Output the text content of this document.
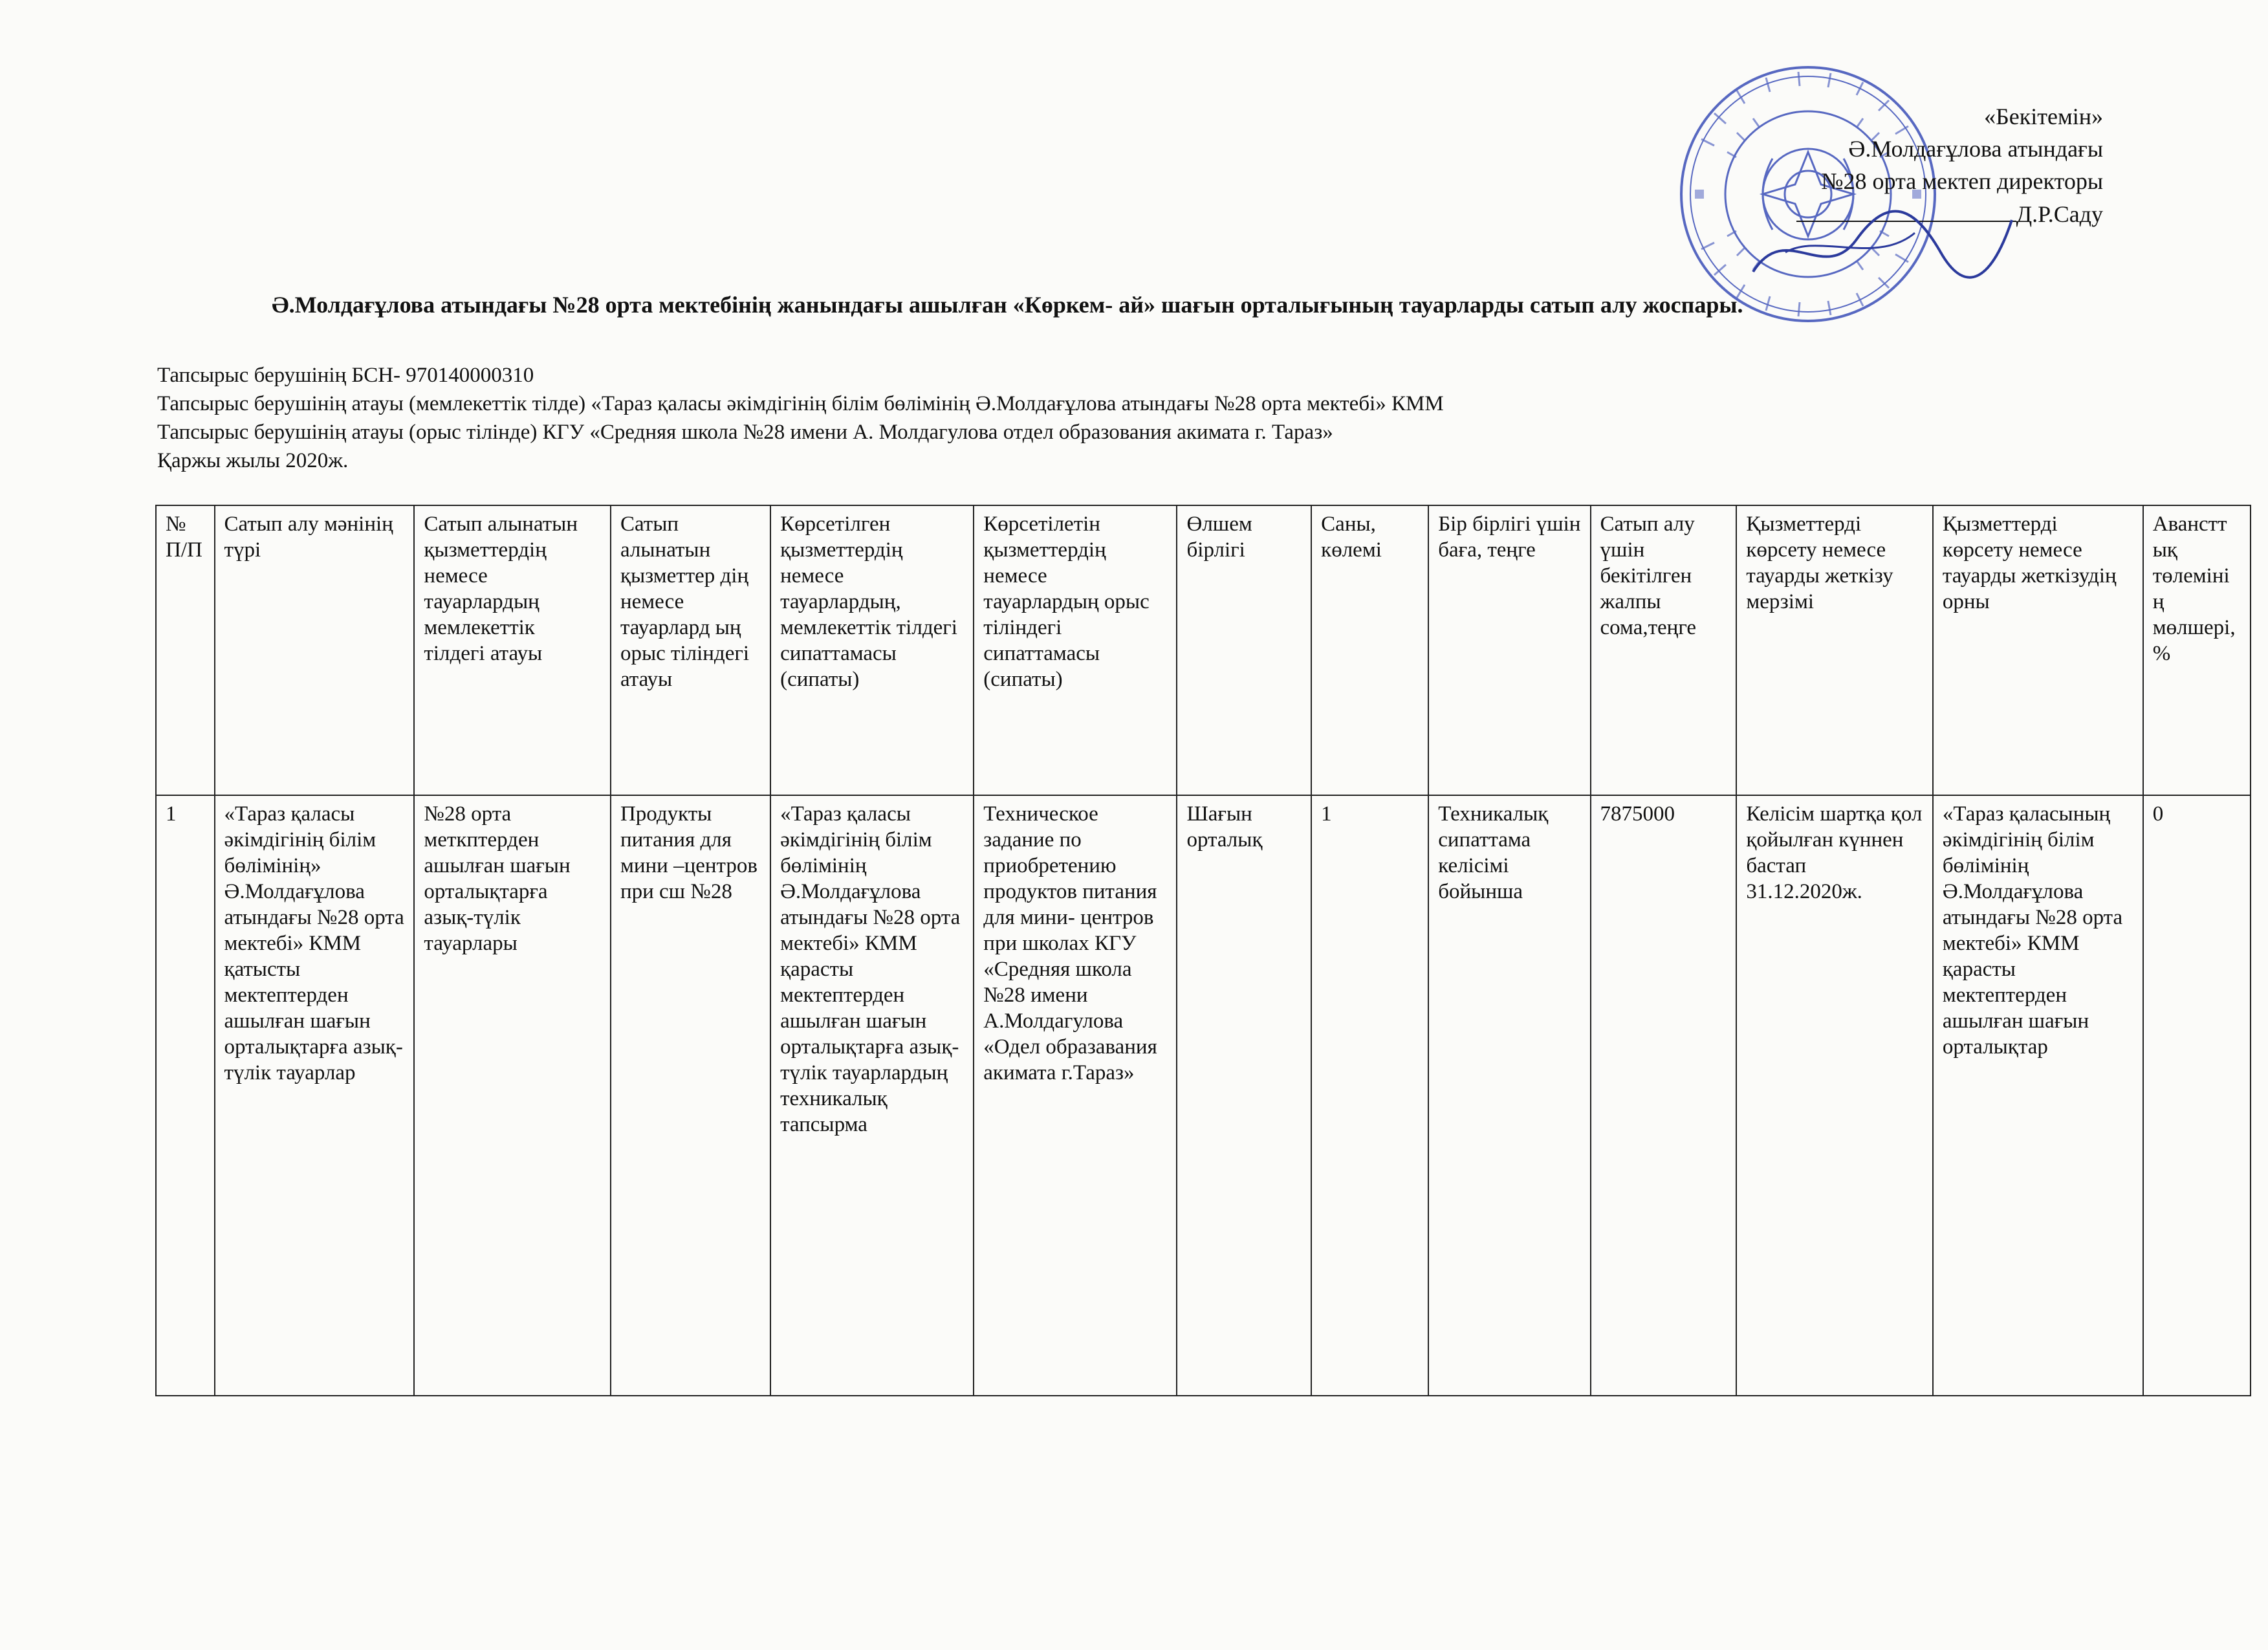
«Бекітемін»
Ә.Молдағұлова атындағы
№28 орта мектеп директоры
Д.Р.Саду
Ә.Молдағұлова атындағы №28 орта мектебінің жанындағы ашылған «Көркем- ай» шағын орталығының тауарларды сатып алу жоспары.
Тапсырыс берушінің БСН- 970140000310
Тапсырыс берушінің атауы (мемлекеттік тілде) «Тараз қаласы әкімдігінің білім бөлімінің Ә.Молдағұлова атындағы №28 орта мектебі» КММ
Тапсырыс берушінің атауы (орыс тілінде) КГУ «Средняя школа №28 имени А. Молдагулова отдел образования акимата г. Тараз»
Қаржы жылы 2020ж.
№ П/П	Сатып алу мәнінің түрі	Сатып алынатын қызметтердің немесе тауарлардың мемлекеттік тілдегі атауы	Сатып алынатын қызметтер дің немесе тауарлард ың орыс тіліндегі атауы	Көрсетілген қызметтердің немесе тауарлардың, мемлекеттік тілдегі сипаттамасы (сипаты)	Көрсетілетін қызметтердің немесе тауарлардың орыс тіліндегі сипаттамасы (сипаты)	Өлшем бірлігі	Саны, көлемі	Бір бірлігі үшін баға, теңге	Сатып алу үшін бекітілген жалпы сома,теңге	Қызметтерді көрсету немесе тауарды жеткізу мерзімі	Қызметтерді көрсету немесе тауарды жеткізудің орны	Авансттық төлемінің мөлшері,%
1	«Тараз қаласы әкімдігінің білім бөлімінің» Ә.Молдағұлова атындағы №28 орта мектебі» КММ қатысты мектептерден ашылған шағын орталықтарға азық-түлік тауарлар	№28 орта меткптерден ашылған шағын орталықтарға азық-түлік тауарлары	Продукты питания для мини –центров при сш №28	«Тараз қаласы әкімдігінің білім бөлімінің Ә.Молдағұлова атындағы №28 орта мектебі» КММ қарасты мектептерден ашылған шағын орталықтарға азық-түлік тауарлардың техникалық тапсырма	Техническое задание по приобретению продуктов питания для мини- центров при школах КГУ «Средняя школа №28 имени А.Молдагулова «Одел образавания акимата г.Тараз»	Шағын орталық	1	Техникалық сипаттама келісімі бойынша	7875000	Келісім шартқа қол қойылған күннен бастап 31.12.2020ж.	«Тараз қаласының әкімдігінің білім бөлімінің Ә.Молдағұлова атындағы №28 орта мектебі» КММ қарасты мектептерден ашылған шағын орталықтар	0
